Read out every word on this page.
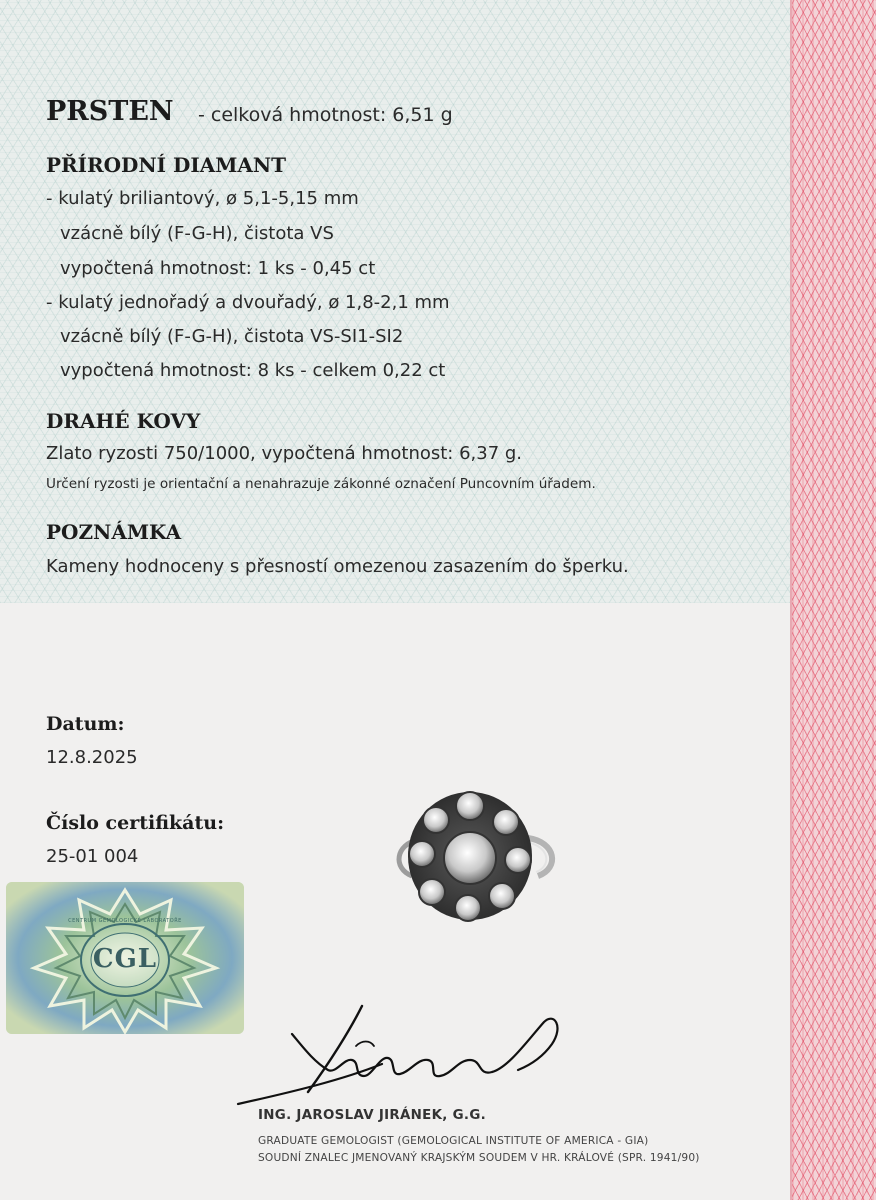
PRSTEN - celková hmotnost: 6,51 g
PŘÍRODNÍ DIAMANT
- kulatý briliantový, ø 5,1-5,15 mm
vzácně bílý (F-G-H), čistota VS
vypočtená hmotnost: 1 ks - 0,45 ct
- kulatý jednořadý a dvouřadý, ø 1,8-2,1 mm
vzácně bílý (F-G-H), čistota VS-SI1-SI2
vypočtená hmotnost: 8 ks - celkem 0,22 ct
DRAHÉ KOVY
Zlato ryzosti 750/1000, vypočtená hmotnost: 6,37 g.
Určení ryzosti je orientační a nenahrazuje zákonné označení Puncovním úřadem.
POZNÁMKA
Kameny hodnoceny s přesností omezenou zasazením do šperku.
Datum:
12.8.2025
Číslo certifikátu:
25-01 004
CENTRUM GEMOLOGICKÉ LABORATOŘE
CGL
ING. JAROSLAV JIRÁNEK, G.G.
GRADUATE GEMOLOGIST (GEMOLOGICAL INSTITUTE OF AMERICA - GIA)
SOUDNÍ ZNALEC JMENOVANÝ KRAJSKÝM SOUDEM V HR. KRÁLOVÉ (SPR. 1941/90)
